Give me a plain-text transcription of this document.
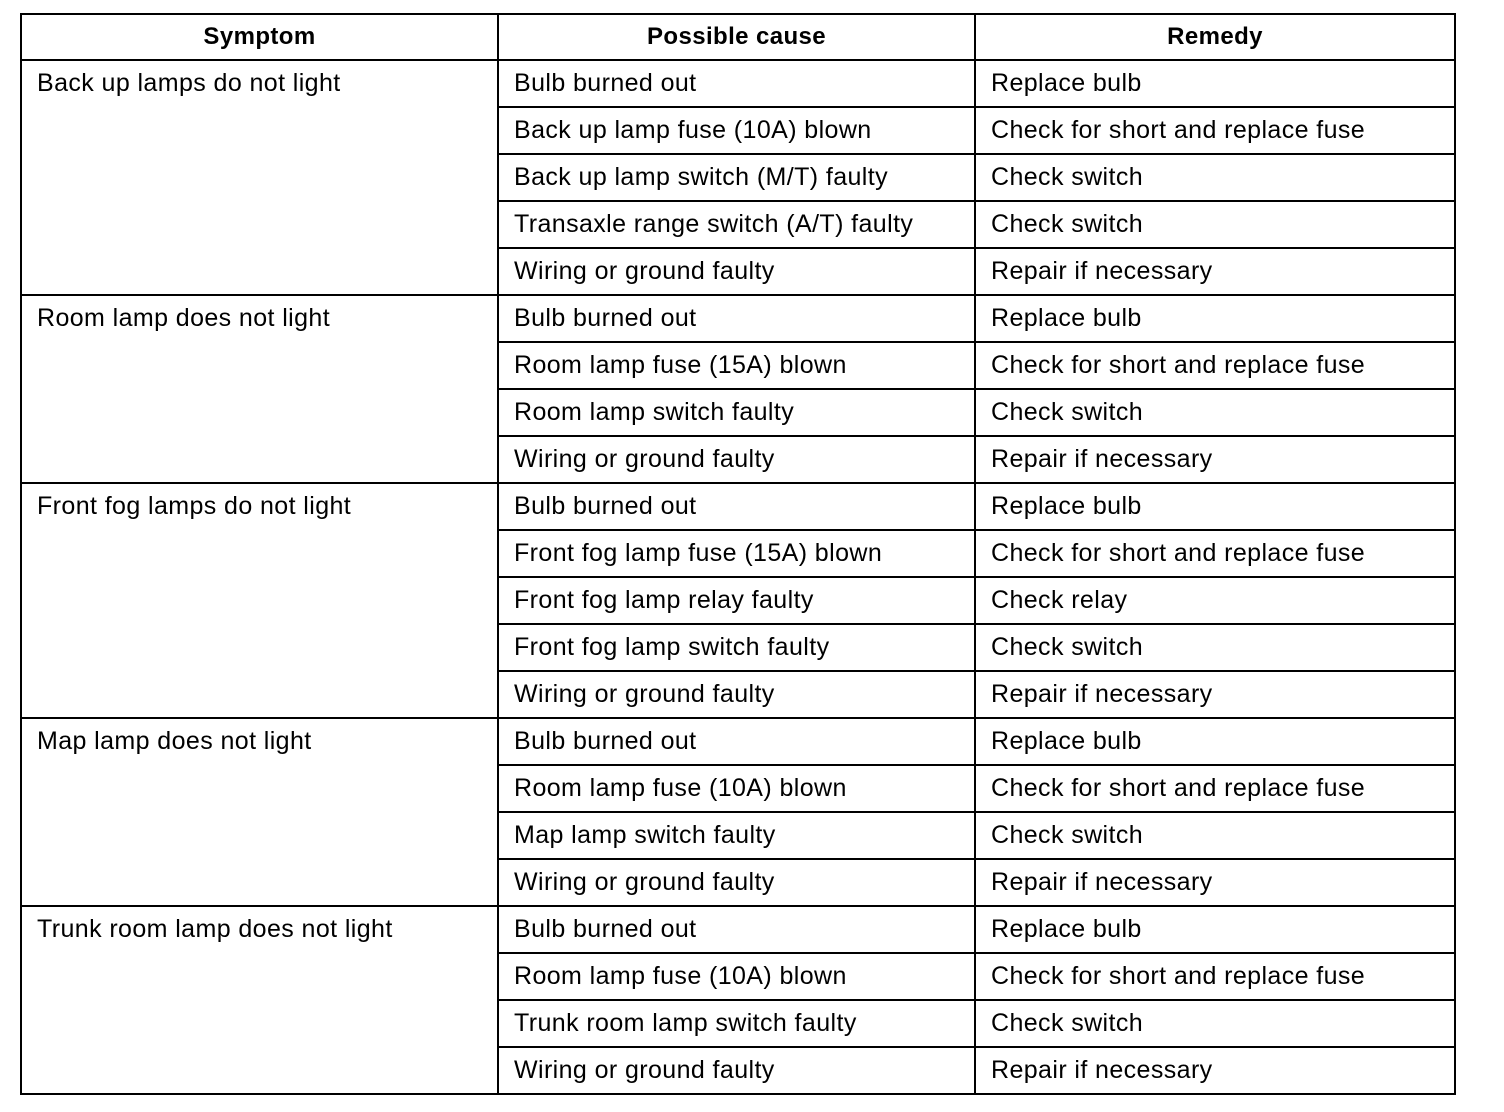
Symptom	Possible cause	Remedy
Back up lamps do not light	Bulb burned out	Replace bulb
	Back up lamp fuse (10A) blown	Check for short and replace fuse
	Back up lamp switch (M/T) faulty	Check switch
	Transaxle range switch (A/T) faulty	Check switch
	Wiring or ground faulty	Repair if necessary
Room lamp does not light	Bulb burned out	Replace bulb
	Room lamp fuse (15A) blown	Check for short and replace fuse
	Room lamp switch faulty	Check switch
	Wiring or ground faulty	Repair if necessary
Front fog lamps do not light	Bulb burned out	Replace bulb
	Front fog lamp fuse (15A) blown	Check for short and replace fuse
	Front fog lamp relay faulty	Check relay
	Front fog lamp switch faulty	Check switch
	Wiring or ground faulty	Repair if necessary
Map lamp does not light	Bulb burned out	Replace bulb
	Room lamp fuse (10A) blown	Check for short and replace fuse
	Map lamp switch faulty	Check switch
	Wiring or ground faulty	Repair if necessary
Trunk room lamp does not light	Bulb burned out	Replace bulb
	Room lamp fuse (10A) blown	Check for short and replace fuse
	Trunk room lamp switch faulty	Check switch
	Wiring or ground faulty	Repair if necessary
